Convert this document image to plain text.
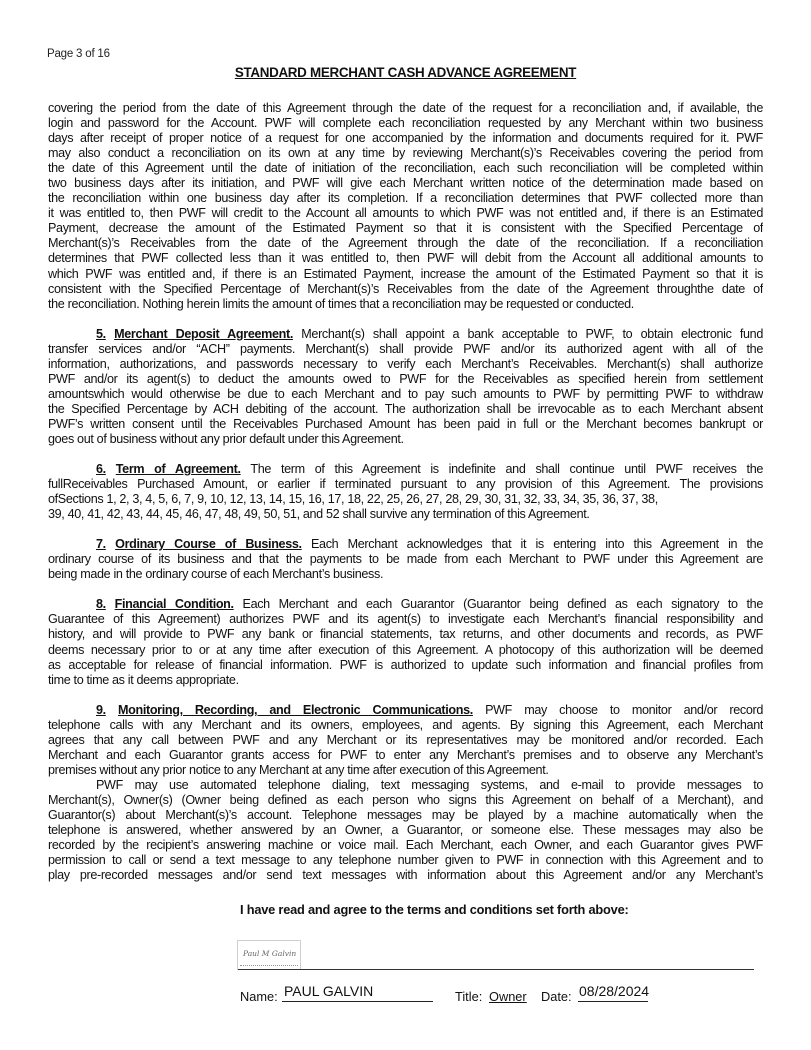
Page 3 of 16
STANDARD MERCHANT CASH ADVANCE AGREEMENT
covering the period from the date of this Agreement through the date of the request for a reconciliation and, if available, the
login and password for the Account. PWF will complete each reconciliation requested by any Merchant within two business
days after receipt of proper notice of a request for one accompanied by the information and documents required for it. PWF
may also conduct a reconciliation on its own at any time by reviewing Merchant(s)’s Receivables covering the period from
the date of this Agreement until the date of initiation of the reconciliation, each such reconciliation will be completed within
two business days after its initiation, and PWF will give each Merchant written notice of the determination made based on
the reconciliation within one business day after its completion. If a reconciliation determines that PWF collected more than
it was entitled to, then PWF will credit to the Account all amounts to which PWF was not entitled and, if there is an Estimated
Payment, decrease the amount of the Estimated Payment so that it is consistent with the Specified Percentage of
Merchant(s)’s Receivables from the date of the Agreement through the date of the reconciliation. If a reconciliation
determines that PWF collected less than it was entitled to, then PWF will debit from the Account all additional amounts to
which PWF was entitled and, if there is an Estimated Payment, increase the amount of the Estimated Payment so that it is
consistent with the Specified Percentage of Merchant(s)’s Receivables from the date of the Agreement throughthe date of
the reconciliation. Nothing herein limits the amount of times that a reconciliation may be requested or conducted.
5. Merchant Deposit Agreement. Merchant(s) shall appoint a bank acceptable to PWF, to obtain electronic fund
transfer services and/or “ACH” payments. Merchant(s) shall provide PWF and/or its authorized agent with all of the
information, authorizations, and passwords necessary to verify each Merchant’s Receivables. Merchant(s) shall authorize
PWF and/or its agent(s) to deduct the amounts owed to PWF for the Receivables as specified herein from settlement
amountswhich would otherwise be due to each Merchant and to pay such amounts to PWF by permitting PWF to withdraw
the Specified Percentage by ACH debiting of the account. The authorization shall be irrevocable as to each Merchant absent
PWF’s written consent until the Receivables Purchased Amount has been paid in full or the Merchant becomes bankrupt or
goes out of business without any prior default under this Agreement.
6. Term of Agreement. The term of this Agreement is indefinite and shall continue until PWF receives the
fullReceivables Purchased Amount, or earlier if terminated pursuant to any provision of this Agreement. The provisions
ofSections 1, 2, 3, 4, 5, 6, 7, 9, 10, 12, 13, 14, 15, 16, 17, 18, 22, 25, 26, 27, 28, 29, 30, 31, 32, 33, 34, 35, 36, 37, 38,
39, 40, 41, 42, 43, 44, 45, 46, 47, 48, 49, 50, 51, and 52 shall survive any termination of this Agreement.
7. Ordinary Course of Business. Each Merchant acknowledges that it is entering into this Agreement in the
ordinary course of its business and that the payments to be made from each Merchant to PWF under this Agreement are
being made in the ordinary course of each Merchant’s business.
8. Financial Condition. Each Merchant and each Guarantor (Guarantor being defined as each signatory to the
Guarantee of this Agreement) authorizes PWF and its agent(s) to investigate each Merchant’s financial responsibility and
history, and will provide to PWF any bank or financial statements, tax returns, and other documents and records, as PWF
deems necessary prior to or at any time after execution of this Agreement. A photocopy of this authorization will be deemed
as acceptable for release of financial information. PWF is authorized to update such information and financial profiles from
time to time as it deems appropriate.
9. Monitoring, Recording, and Electronic Communications. PWF may choose to monitor and/or record
telephone calls with any Merchant and its owners, employees, and agents. By signing this Agreement, each Merchant
agrees that any call between PWF and any Merchant or its representatives may be monitored and/or recorded. Each
Merchant and each Guarantor grants access for PWF to enter any Merchant’s premises and to observe any Merchant’s
premises without any prior notice to any Merchant at any time after execution of this Agreement.
PWF may use automated telephone dialing, text messaging systems, and e-mail to provide messages to
Merchant(s), Owner(s) (Owner being defined as each person who signs this Agreement on behalf of a Merchant), and
Guarantor(s) about Merchant(s)’s account. Telephone messages may be played by a machine automatically when the
telephone is answered, whether answered by an Owner, a Guarantor, or someone else. These messages may also be
recorded by the recipient’s answering machine or voice mail. Each Merchant, each Owner, and each Guarantor gives PWF
permission to call or send a text message to any telephone number given to PWF in connection with this Agreement and to
play pre-recorded messages and/or send text messages with information about this Agreement and/or any Merchant’s
I have read and agree to the terms and conditions set forth above:
Paul M Galvin
Name: PAUL GALVIN	Title: Owner Date: 08/28/2024
